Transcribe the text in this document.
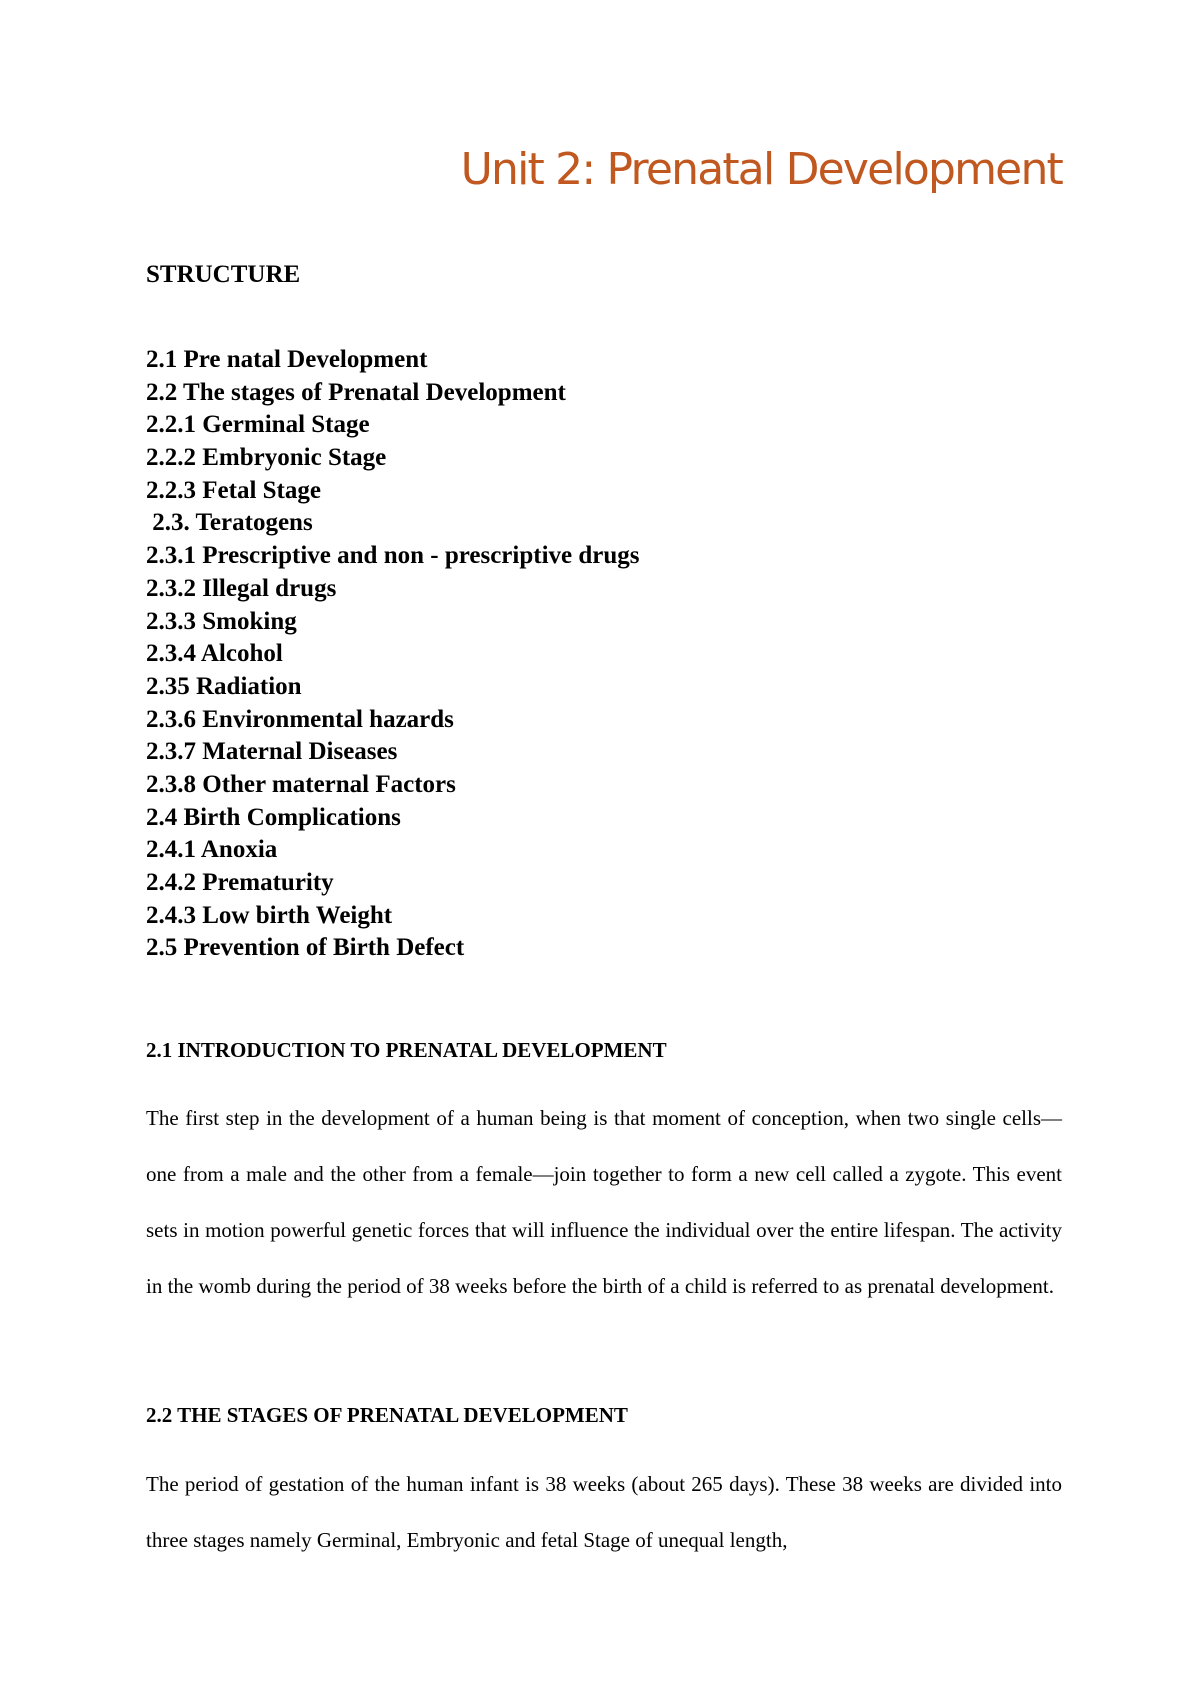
Unit 2: Prenatal Development
STRUCTURE
2.1 Pre natal Development
2.2 The stages of Prenatal Development
2.2.1 Germinal Stage
2.2.2 Embryonic Stage
2.2.3 Fetal Stage
2.3. Teratogens
2.3.1 Prescriptive and non - prescriptive drugs
2.3.2 Illegal drugs
2.3.3 Smoking
2.3.4 Alcohol
2.35 Radiation
2.3.6 Environmental hazards
2.3.7 Maternal Diseases
2.3.8 Other maternal Factors
2.4 Birth Complications
2.4.1 Anoxia
2.4.2 Prematurity
2.4.3 Low birth Weight
2.5 Prevention of Birth Defect
2.1 INTRODUCTION TO PRENATAL DEVELOPMENT

The first step in the development of a human being is that moment of conception, when two single cells—one from a male and the other from a female—join together to form a new cell called a zygote. This event sets in motion powerful genetic forces that will influence the individual over the entire lifespan. The activity in the womb during the period of 38 weeks before the birth of a child is referred to as prenatal development.

2.2 THE STAGES OF PRENATAL DEVELOPMENT

The period of gestation of the human infant is 38 weeks (about 265 days). These 38 weeks are divided into three stages namely Germinal, Embryonic and fetal Stage of unequal length,
